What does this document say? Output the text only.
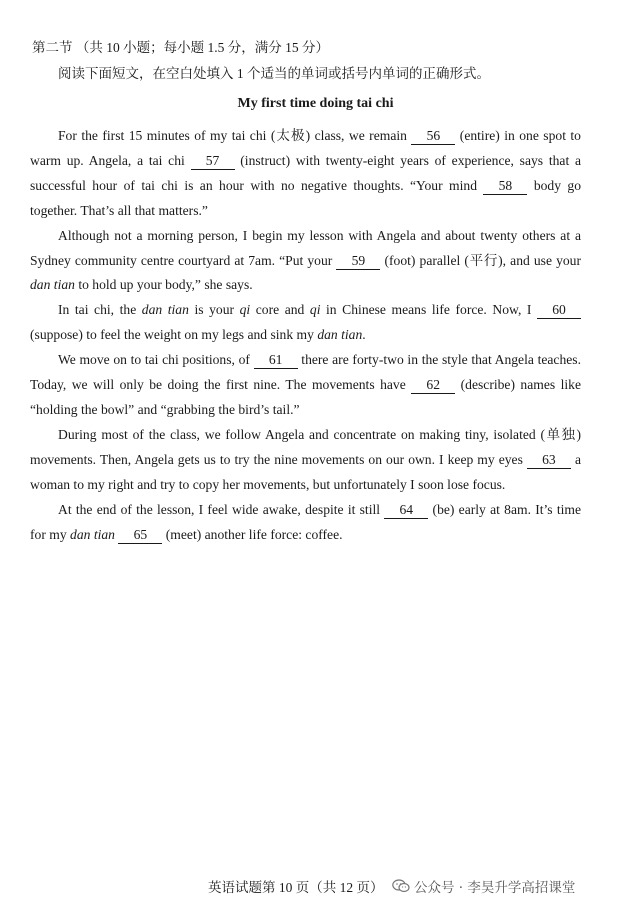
第二节 （共 10 小题；每小题 1.5 分，满分 15 分）
阅读下面短文，在空白处填入 1 个适当的单词或括号内单词的正确形式。
My first time doing tai chi

For the first 15 minutes of my tai chi (太极) class, we remain 56 (entire) in one spot to warm up. Angela, a tai chi 57 (instruct) with twenty-eight years of experience, says that a successful hour of tai chi is an hour with no negative thoughts. “Your mind 58 body go together. That’s all that matters.”

Although not a morning person, I begin my lesson with Angela and about twenty others at a Sydney community centre courtyard at 7am. “Put your 59 (foot) parallel (平行), and use your dan tian to hold up your body,” she says.

In tai chi, the dan tian is your qi core and qi in Chinese means life force. Now, I 60 (suppose) to feel the weight on my legs and sink my dan tian.

We move on to tai chi positions, of 61 there are forty-two in the style that Angela teaches. Today, we will only be doing the first nine. The movements have 62 (describe) names like “holding the bowl” and “grabbing the bird’s tail.”

During most of the class, we follow Angela and concentrate on making tiny, isolated (单独) movements. Then, Angela gets us to try the nine movements on our own. I keep my eyes 63 a woman to my right and try to copy her movements, but unfortunately I soon lose focus.

At the end of the lesson, I feel wide awake, despite it still 64 (be) early at 8am. It’s time for my dan tian 65 (meet) another life force: coffee.

英语试题第 10 页（共 12 页） 公众号 · 李昊升学高招课堂
